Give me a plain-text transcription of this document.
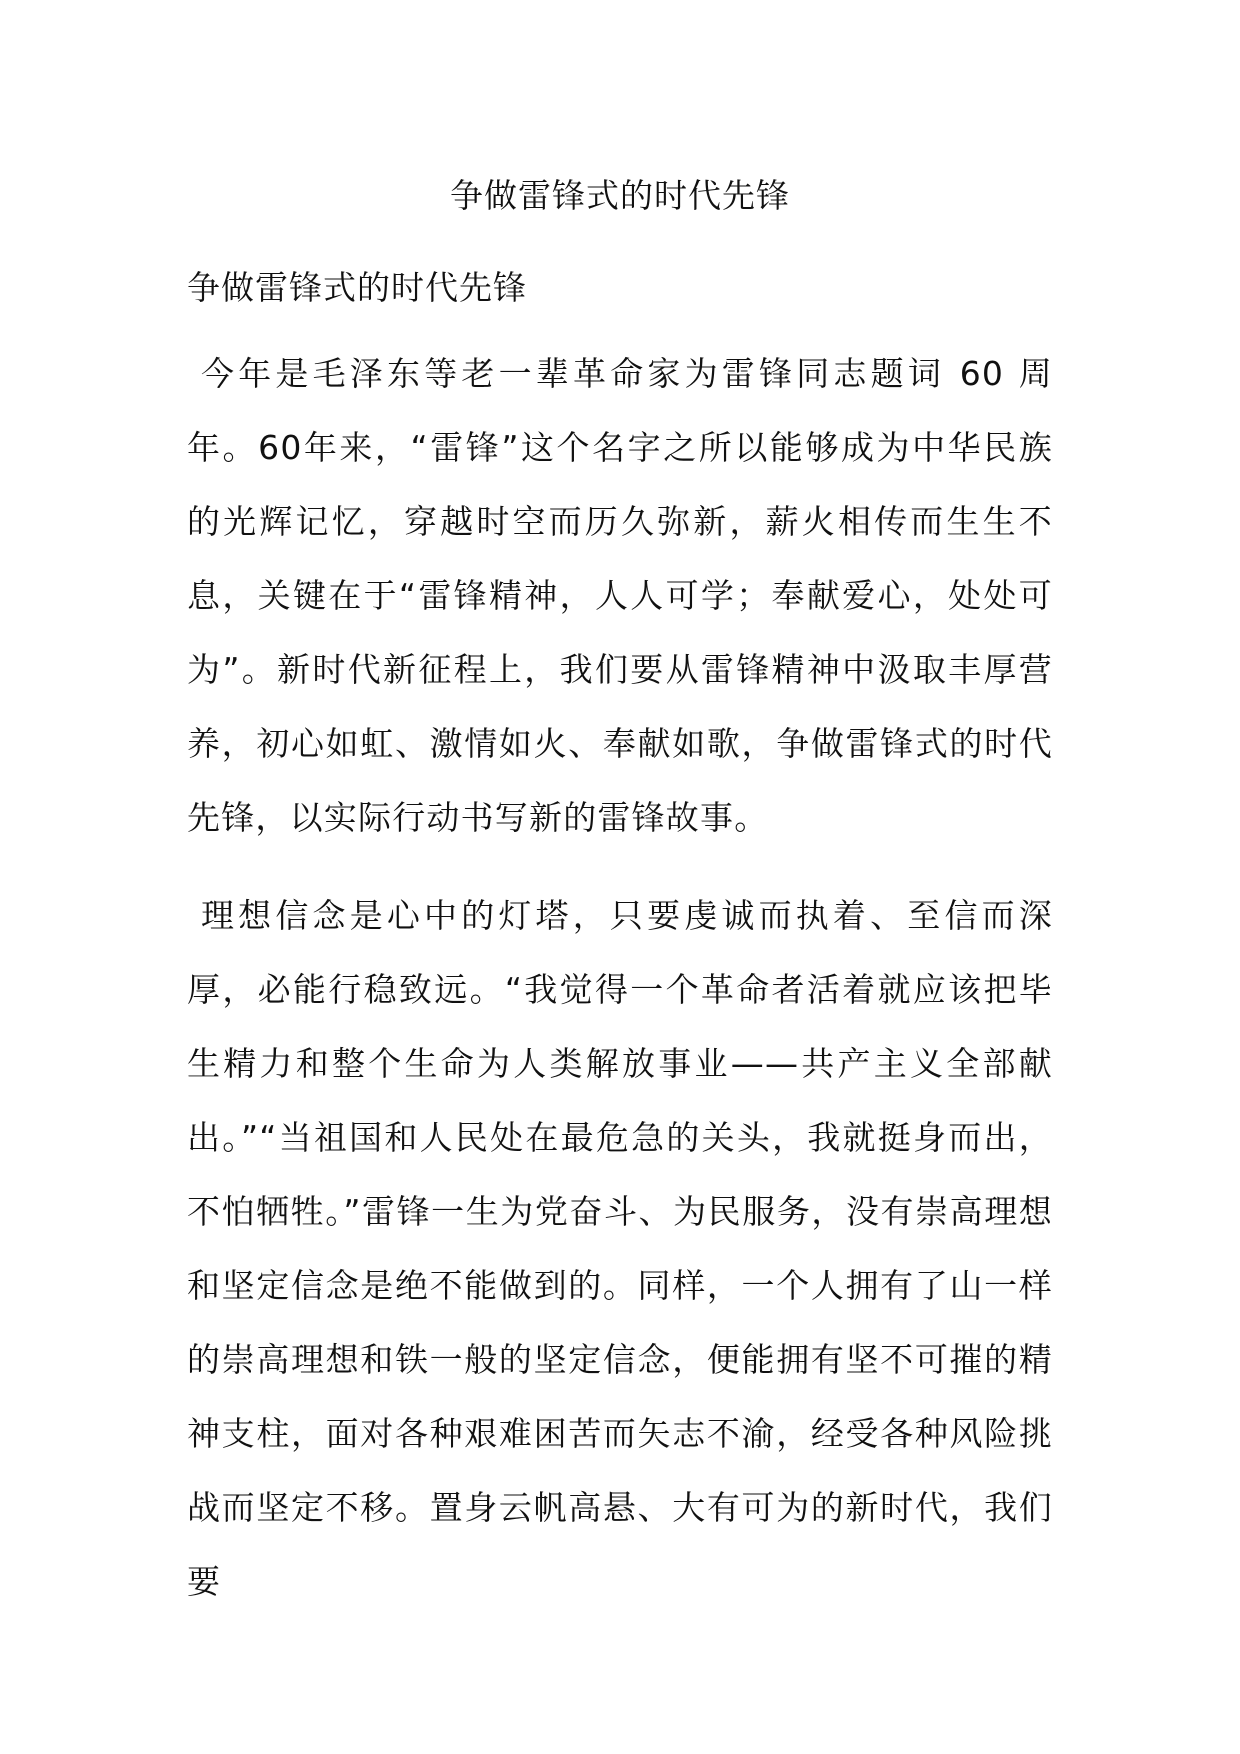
争做雷锋式的时代先锋

争做雷锋式的时代先锋

今年是毛泽东等老一辈革命家为雷锋同志题词 60 周年。60年来，“雷锋”这个名字之所以能够成为中华民族的光辉记忆，穿越时空而历久弥新，薪火相传而生生不息，关键在于“雷锋精神，人人可学；奉献爱心，处处可为”。新时代新征程上，我们要从雷锋精神中汲取丰厚营养，初心如虹、激情如火、奉献如歌，争做雷锋式的时代先锋，以实际行动书写新的雷锋故事。

理想信念是心中的灯塔，只要虔诚而执着、至信而深厚，必能行稳致远。“我觉得一个革命者活着就应该把毕生精力和整个生命为人类解放事业——共产主义全部献出。”“当祖国和人民处在最危急的关头，我就挺身而出，不怕牺牲。”雷锋一生为党奋斗、为民服务，没有崇高理想和坚定信念是绝不能做到的。同样，一个人拥有了山一样的崇高理想和铁一般的坚定信念，便能拥有坚不可摧的精神支柱，面对各种艰难困苦而矢志不渝，经受各种风险挑战而坚定不移。置身云帆高悬、大有可为的新时代，我们要
